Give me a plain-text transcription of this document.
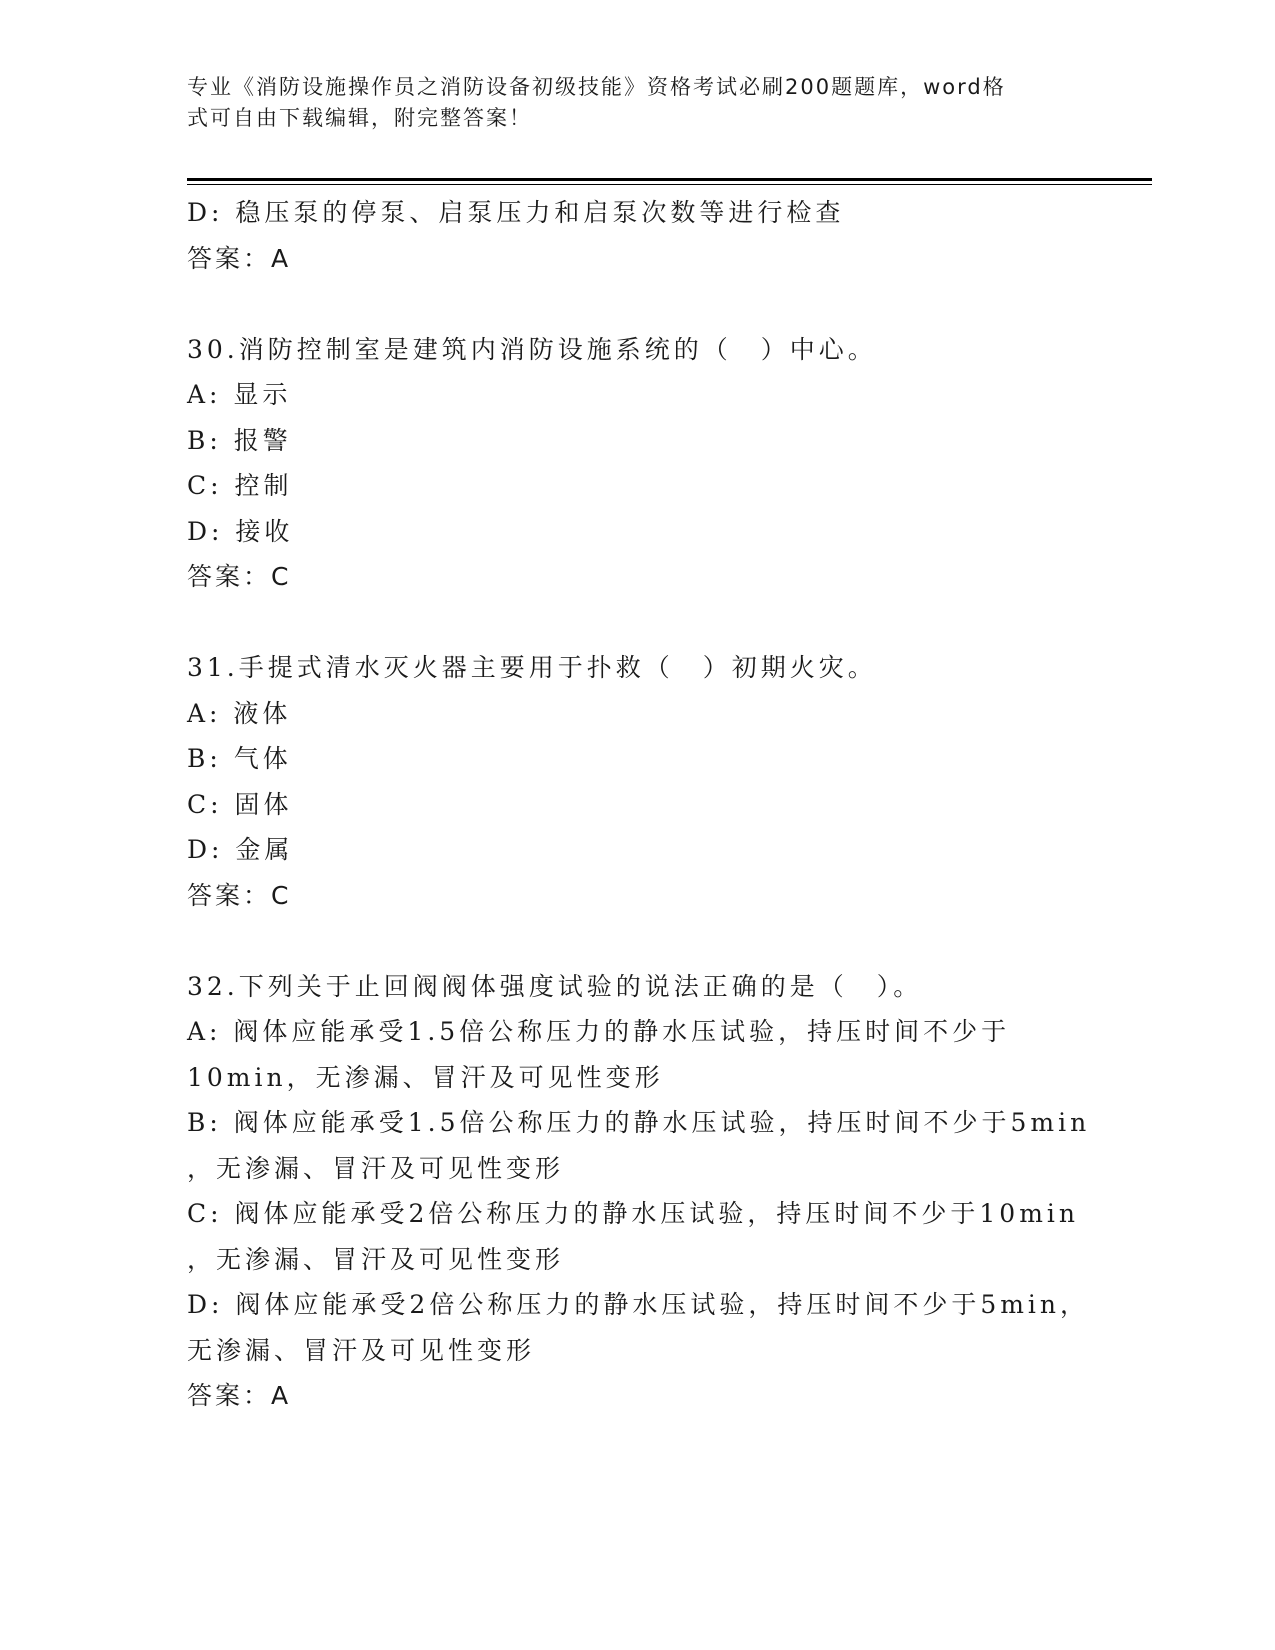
专业《消防设施操作员之消防设备初级技能》资格考试必刷200题题库，word格
式可自由下载编辑，附完整答案！
D: 稳压泵的停泵、启泵压力和启泵次数等进行检查
答案：A
30.消防控制室是建筑内消防设施系统的（　）中心。
A: 显示
B: 报警
C: 控制
D: 接收
答案：C
31.手提式清水灭火器主要用于扑救（　）初期火灾。
A: 液体
B: 气体
C: 固体
D: 金属
答案：C
32.下列关于止回阀阀体强度试验的说法正确的是（　）。
A: 阀体应能承受1.5倍公称压力的静水压试验，持压时间不少于
10min，无渗漏、冒汗及可见性变形
B: 阀体应能承受1.5倍公称压力的静水压试验，持压时间不少于5min
，无渗漏、冒汗及可见性变形
C: 阀体应能承受2倍公称压力的静水压试验，持压时间不少于10min
，无渗漏、冒汗及可见性变形
D: 阀体应能承受2倍公称压力的静水压试验，持压时间不少于5min，
无渗漏、冒汗及可见性变形
答案：A
